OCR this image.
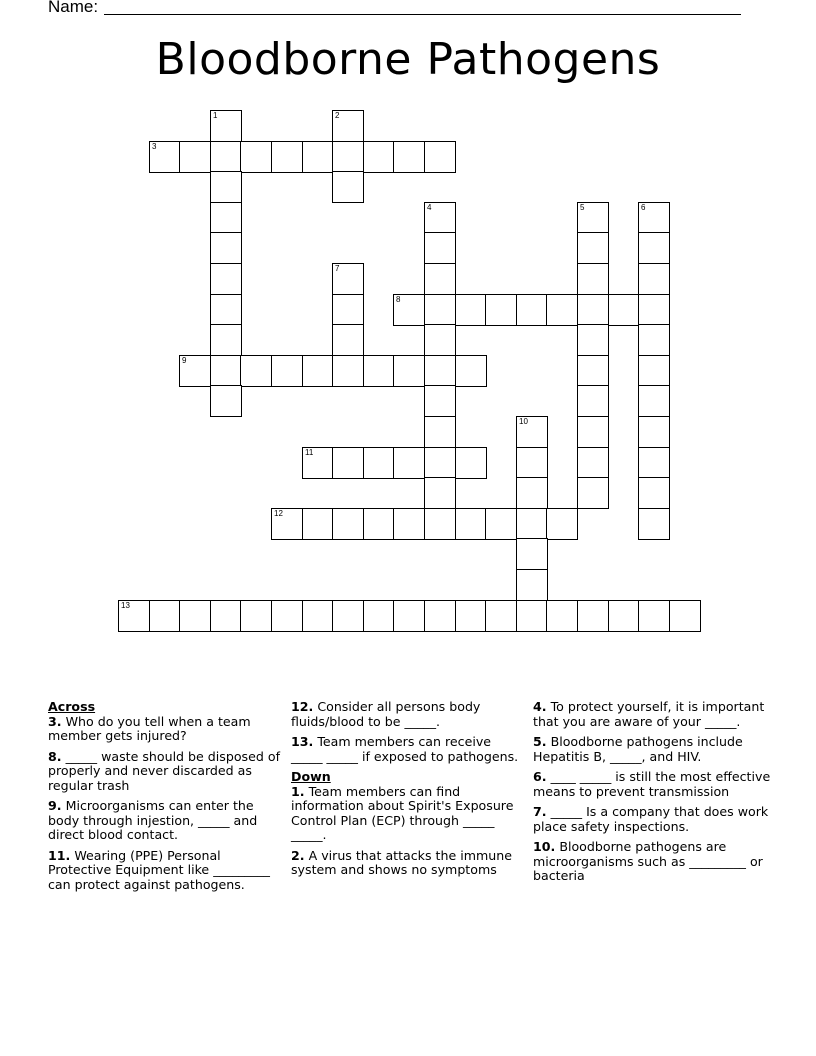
Name:
Bloodborne Pathogens
3
8
9
11
12
13
1	2
4	5	6
7
10
Across
3. Who do you tell when a team member gets injured?
8. _____ waste should be disposed of properly and never discarded as regular trash
9. Microorganisms can enter the body through injestion, _____ and direct blood contact.
11. Wearing (PPE) Personal Protective Equipment like _________ can protect against pathogens.
12. Consider all persons body fluids/blood to be _____.
13. Team members can receive _____ _____ if exposed to pathogens.
Down
1. Team members can find information about Spirit's Exposure Control Plan (ECP) through _____ _____.
2. A virus that attacks the immune system and shows no symptoms
4. To protect yourself, it is important that you are aware of your _____.
5. Bloodborne pathogens include Hepatitis B, _____, and HIV.
6. ____ _____ is still the most effective means to prevent transmission
7. _____ Is a company that does work place safety inspections.
10. Bloodborne pathogens are microorganisms such as _________ or bacteria
